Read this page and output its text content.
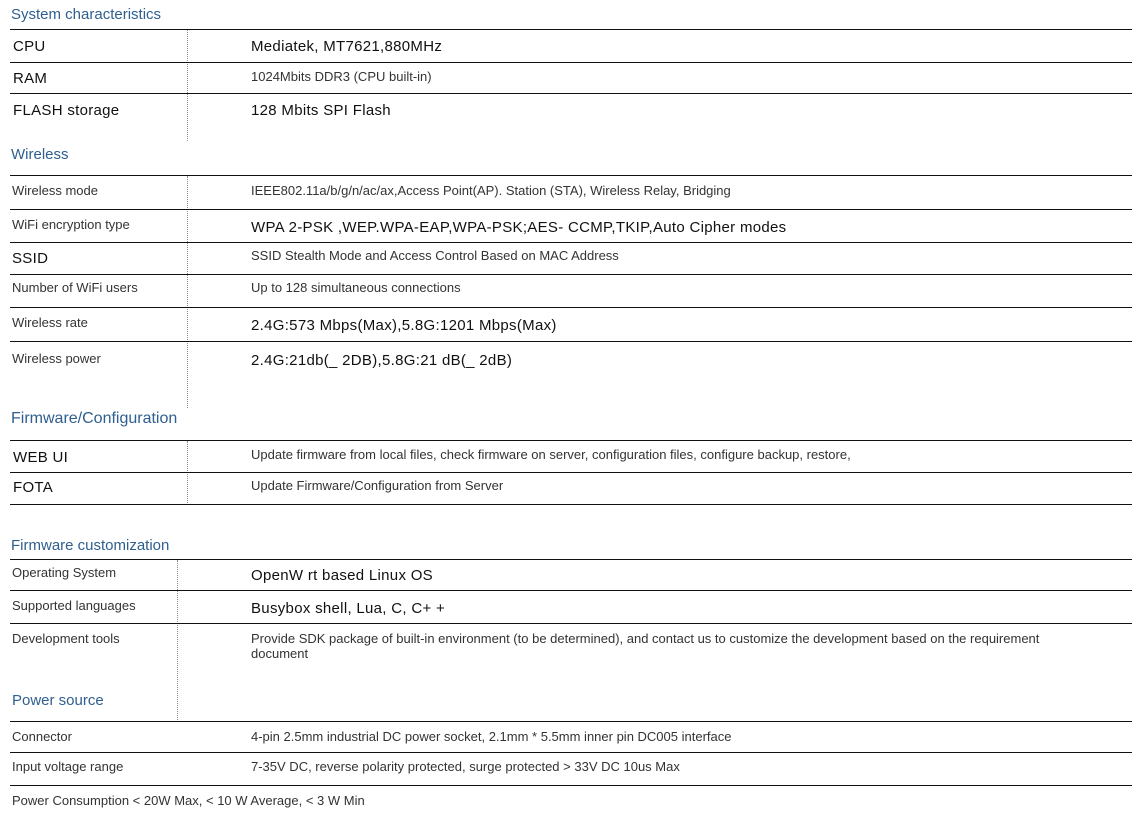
System characteristics
CPU	Mediatek, MT7621,880MHz
RAM	1024Mbits DDR3 (CPU built-in)
FLASH storage	128 Mbits SPI Flash
Wireless
Wireless mode	IEEE802.11a/b/g/n/ac/ax,Access Point(AP). Station (STA), Wireless Relay, Bridging
WiFi encryption type	WPA 2-PSK ,WEP.WPA-EAP,WPA-PSK;AES- CCMP,TKIP,Auto Cipher modes
SSID	SSID Stealth Mode and Access Control Based on MAC Address
Number of WiFi users	Up to 128 simultaneous connections
Wireless rate	2.4G:573 Mbps(Max),5.8G:1201 Mbps(Max)
Wireless power	2.4G:21db(_ 2DB),5.8G:21 dB(_ 2dB)
Firmware/Configuration
WEB UI	Update firmware from local files, check firmware on server, configuration files, configure backup, restore,
FOTA	Update Firmware/Configuration from Server
Firmware customization
Operating System	OpenW rt based Linux OS
Supported languages	Busybox shell, Lua, C, C+ +
Development tools	Provide SDK package of built-in environment (to be determined), and contact us to customize the development based on the requirement document
Power source
Connector	4-pin 2.5mm industrial DC power socket, 2.1mm * 5.5mm inner pin DC005 interface
Input voltage range	7-35V DC, reverse polarity protected, surge protected > 33V DC 10us Max
Power Consumption < 20W Max, < 10 W Average, < 3 W Min
